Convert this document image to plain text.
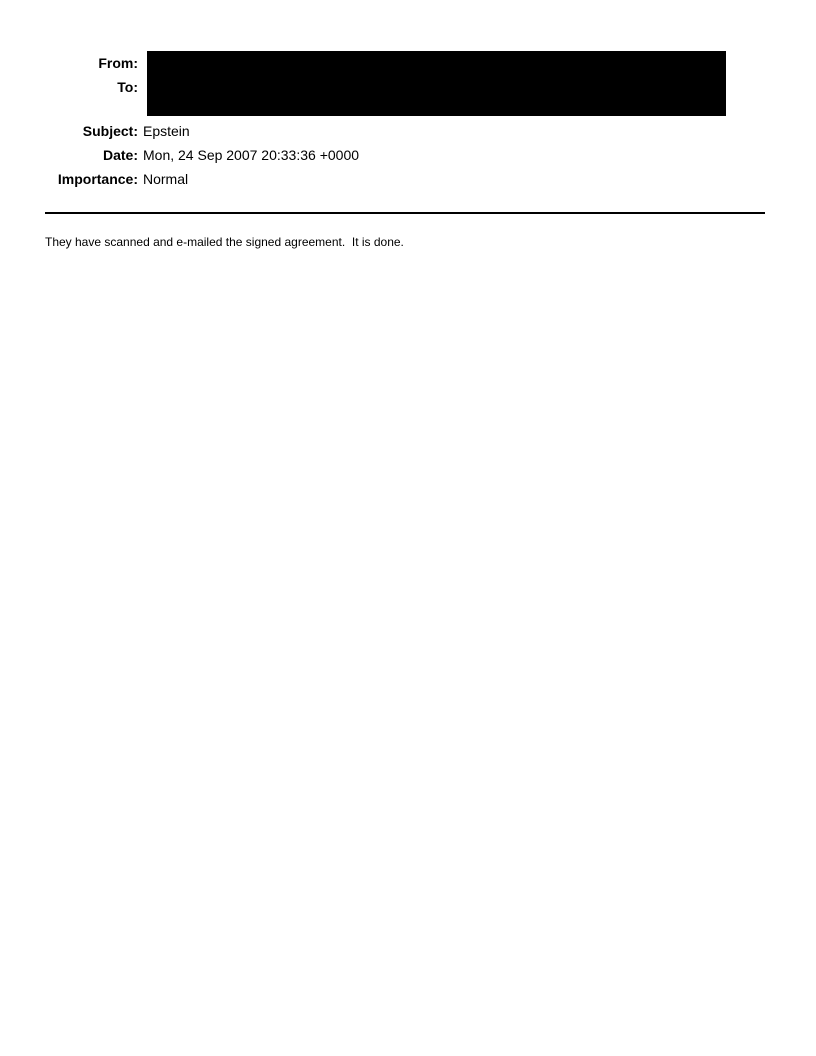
From:
To:
Subject: Epstein
Date: Mon, 24 Sep 2007 20:33:36 +0000
Importance: Normal
They have scanned and e-mailed the signed agreement.  It is done.
